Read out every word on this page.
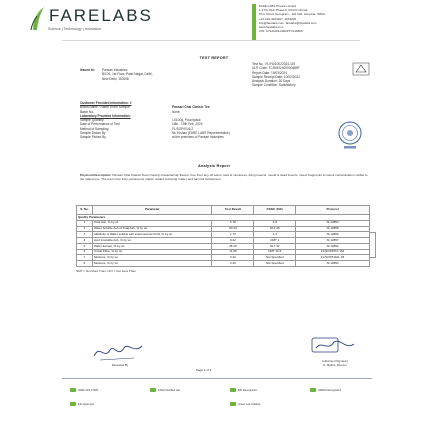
FARELABS
Science | Technology | Innovation
FARE LABS Private Limited
L-17/3, DLF Phase-II, IFFCO Chowk,
M.G. Road, Gurugram - 122 002, Haryana, INDIA
+91-124-4223207, 4034205
info@farelabs.com, farelabs@farelabs.com
www.farelabs.com
CIN: U74210DL2002PTC116866
TEST REPORT
Issued to: Pansari Industries
B/101, 1st Floor, Patel Nagar, Delhi,
New Delhi, 110008
Test No.: FL/FA/10022024-119
ULR Code: TC59332400000489F
Report Date: 19/03/2024
Sample Receipt Date: 10/02/2024
Analysis Duration: 30 Days
Sample Condition: Satisfactory
Customer Provided Information: #
Brand Name / Name of the Sample	Pansari Chai Classic Tea
Batch No.	None
Laboratory Provided Information:
Sample Quantity	1X100g, Pouchpack
Date of Performance of Test	16th - 15th Feb, 2024
Method of Sampling	FL/SOP/01/6.2
Sample Drawn By	Mr. Kishan (FARE LABS Representative)
Sample Picked By	at the premises of Pansari Industries
Analysis Report
Physical Description: Pansari Chai Classic Tea is having characteristic flavour, free from any off odour, taint & mustiness, living insects, mould & dead insects, insect fragments & rodent contamination visible to the naked eye. The tea is free from extraneous matter, added colouring matter and harmful substances.
S. No.	Parameter	Test Result	FSSR, 2011	Protocol
Quality Parameters				
1	Total Ash, % by wt.	5.78	4-8	IS:13854
2	Water Soluble Ash of Total Ash, % by wt.	60.33	NLT 45	IS:13855
3	Alkalinity of Water soluble ash expressed as KOH, % by wt.	1.73	1-3	IS:13856
4	Acid Insoluble Ash, % by wt.	0.22	NMT 1	IS:13857
5	Water Extract, % by wt.	38.15	NLT 32	IS:13862
6	Crude Fibre, % by wt.	11.08	NMT 16.5	FL/SOP/FPC.154
7	Moisture, % by wt.	3.40	Not Specified	FL/SOP/NAFL.06
8	Moisture, % by wt.	2.30	Not Specified	IS:13854
NMT = Not More Than; NLT = Not Less Than
Reviewed By
Authorised Signatory
D. Mathur, Director
Page 1 of 5
NABL-ISO 17025	FSSAI Notified Lab	BIS Recognized	APEDA Recognized
EIC Approved	Green Lab Initiative
